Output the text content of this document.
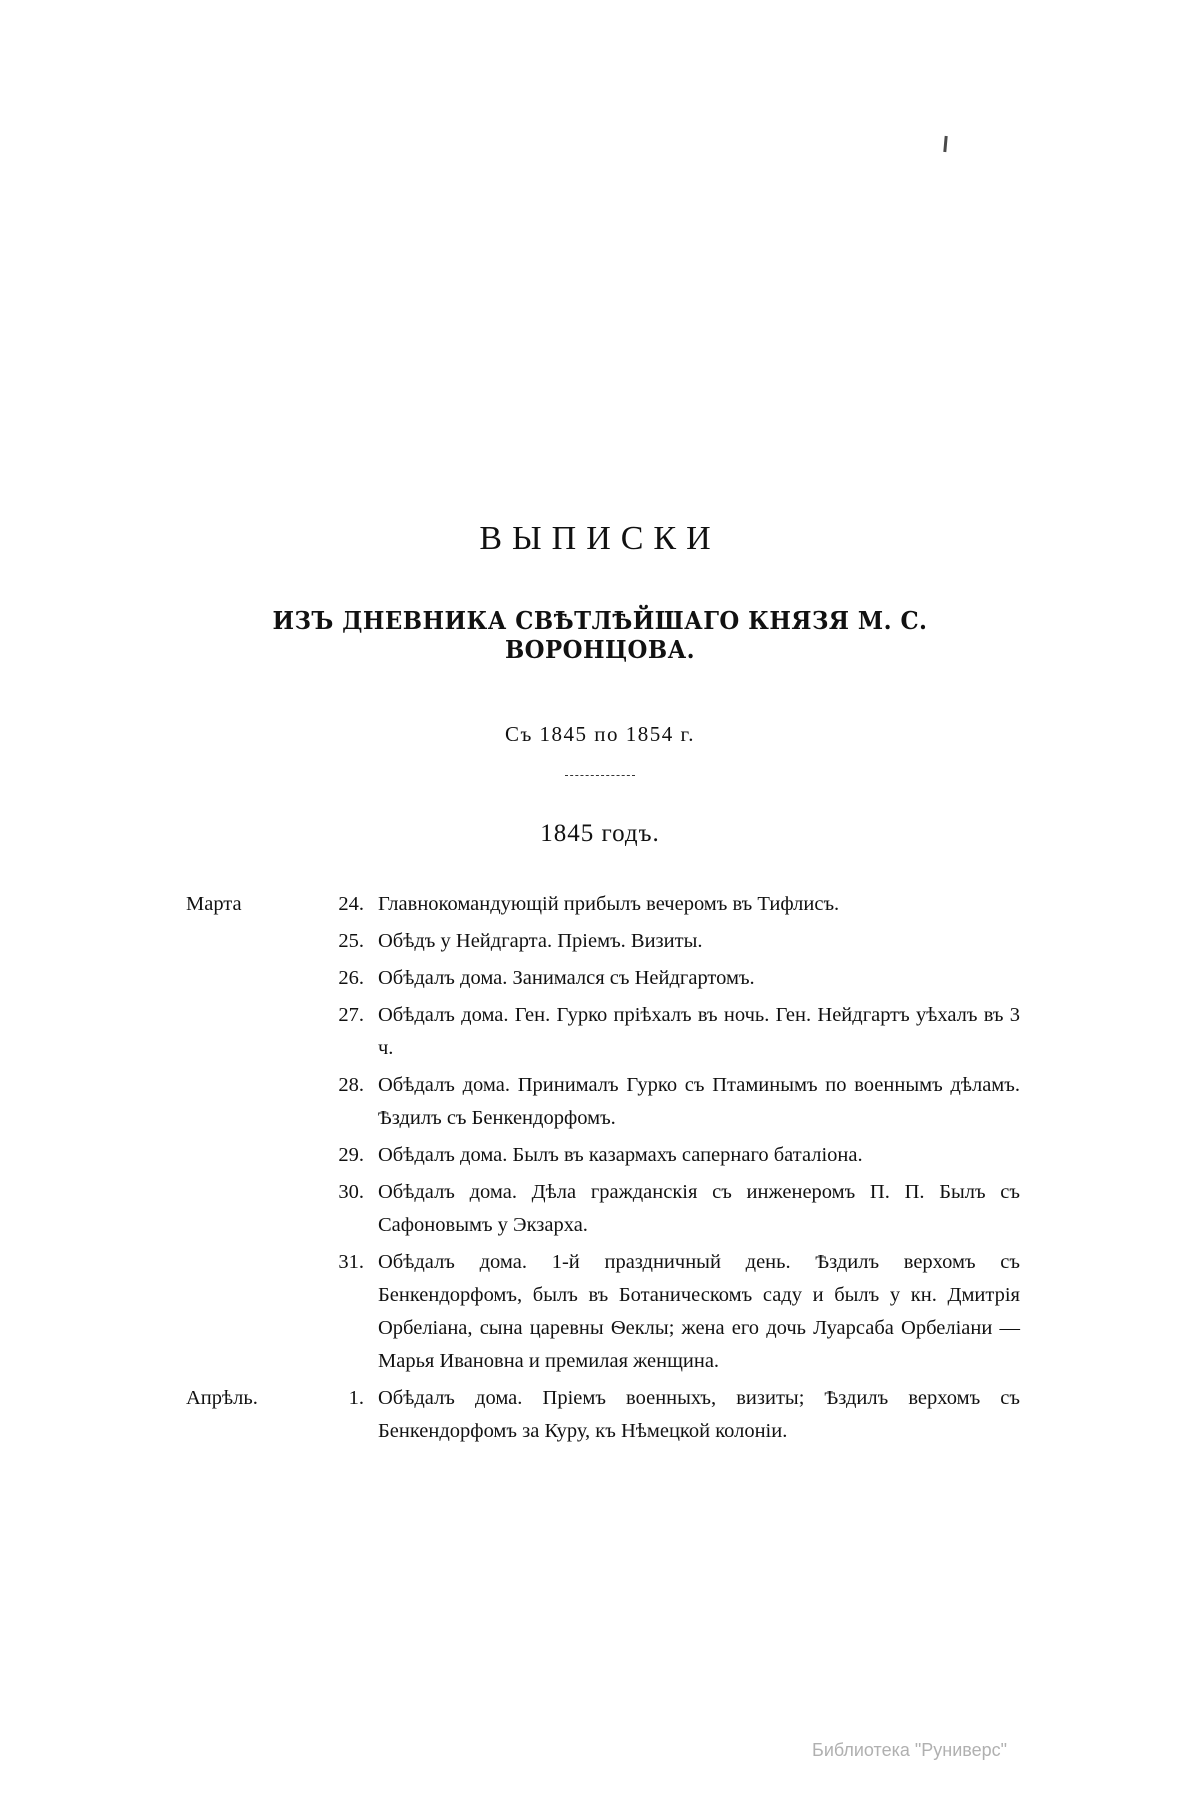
ВЫПИСКИ
ИЗЪ ДНЕВНИКА СВѢТЛѢЙШАГО КНЯЗЯ М. С. ВОРОНЦОВА.
Съ 1845 по 1854 г.
1845 годъ.
Марта	24. Главнокомандующій прибылъ вечеромъ въ Тифлисъ.
25. Обѣдъ у Нейдгарта. Пріемъ. Визиты.
26. Обѣдалъ дома. Занимался съ Нейдгартомъ.
27. Обѣдалъ дома. Ген. Гурко пріѣхалъ въ ночь. Ген. Нейдгартъ уѣхалъ въ 3 ч.
28. Обѣдалъ дома. Принималъ Гурко съ Птаминымъ по военнымъ дѣламъ. Ѣздилъ съ Бенкендорфомъ.
29. Обѣдалъ дома. Былъ въ казармахъ сапернаго баталіона.
30. Обѣдалъ дома. Дѣла гражданскія съ инженеромъ П. П. Былъ съ Сафоновымъ у Экзарха.
31. Обѣдалъ дома. 1-й праздничный день. Ѣздилъ верхомъ съ Бенкендорфомъ, былъ въ Ботаническомъ саду и былъ у кн. Дмитрія Орбеліана, сына царевны Ѳеклы; жена его дочь Луарсаба Орбеліани — Марья Ивановна и премилая женщина.
Апрѣль.	1. Обѣдалъ дома. Пріемъ военныхъ, визиты; Ѣздилъ верхомъ съ Бенкендорфомъ за Куру, къ Нѣмецкой колоніи.
Библиотека "Руниверс"
